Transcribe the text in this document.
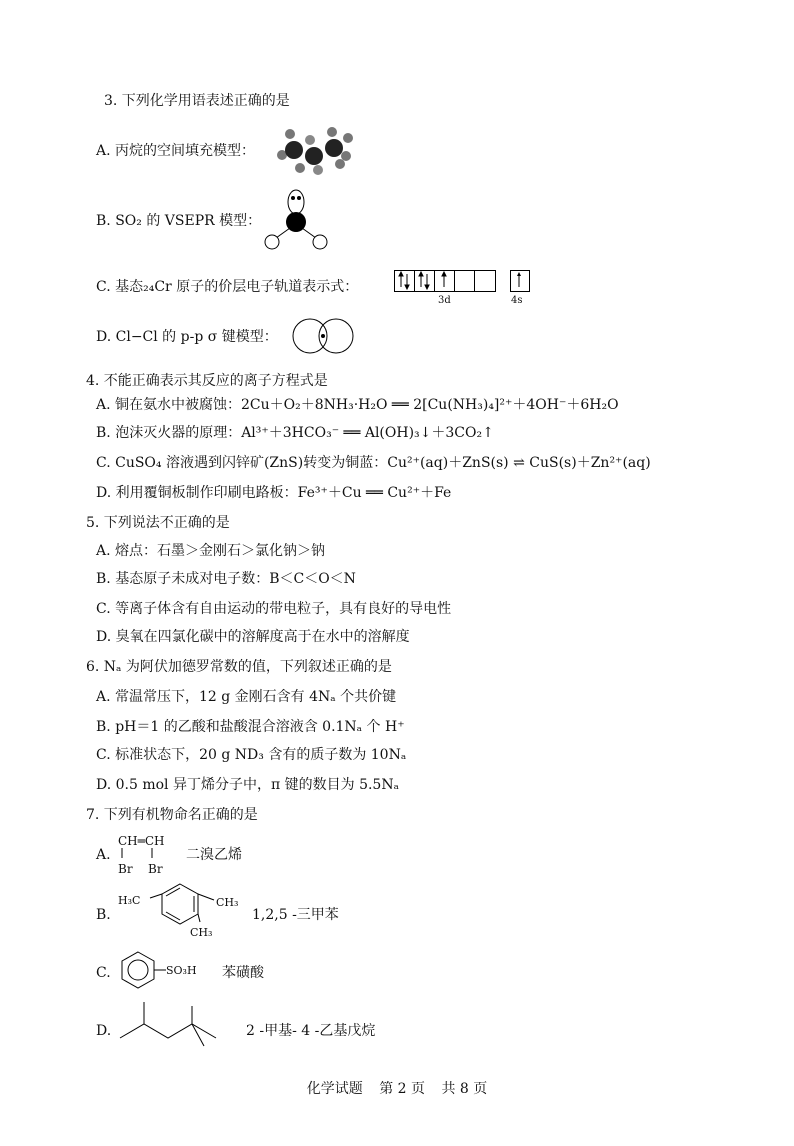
3. 下列化学用语表述正确的是
A. 丙烷的空间填充模型：
B. SO₂ 的 VSEPR 模型：
C. 基态₂₄Cr 原子的价层电子轨道表示式：
3d	4s
D. Cl−Cl 的 p-p σ 键模型：
4. 不能正确表示其反应的离子方程式是
A. 铜在氨水中被腐蚀：2Cu＋O₂＋8NH₃·H₂O ══ 2[Cu(NH₃)₄]²⁺＋4OH⁻＋6H₂O
B. 泡沫灭火器的原理：Al³⁺＋3HCO₃⁻ ══ Al(OH)₃↓＋3CO₂↑
C. CuSO₄ 溶液遇到闪锌矿(ZnS)转变为铜蓝：Cu²⁺(aq)＋ZnS(s) ⇌ CuS(s)＋Zn²⁺(aq)
D. 利用覆铜板制作印刷电路板：Fe³⁺＋Cu ══ Cu²⁺＋Fe
5. 下列说法不正确的是
A. 熔点：石墨＞金刚石＞氯化钠＞钠
B. 基态原子未成对电子数：B＜C＜O＜N
C. 等离子体含有自由运动的带电粒子，具有良好的导电性
D. 臭氧在四氯化碳中的溶解度高于在水中的溶解度
6. Nₐ 为阿伏加德罗常数的值，下列叙述正确的是
A. 常温常压下，12 g 金刚石含有 4Nₐ 个共价键
B. pH＝1 的乙酸和盐酸混合溶液含 0.1Nₐ 个 H⁺
C. 标准状态下，20 g ND₃ 含有的质子数为 10Nₐ
D. 0.5 mol 异丁烯分子中，π 键的数目为 5.5Nₐ
7. 下列有机物命名正确的是
A.
CH═CH
Br Br
二溴乙烯
B.
H₃C	CH₃
CH₃
1,2,5 -三甲苯
C.	SO₃H 苯磺酸
D.	2 -甲基- 4 -乙基戊烷
化学试题 第 2 页 共 8 页
